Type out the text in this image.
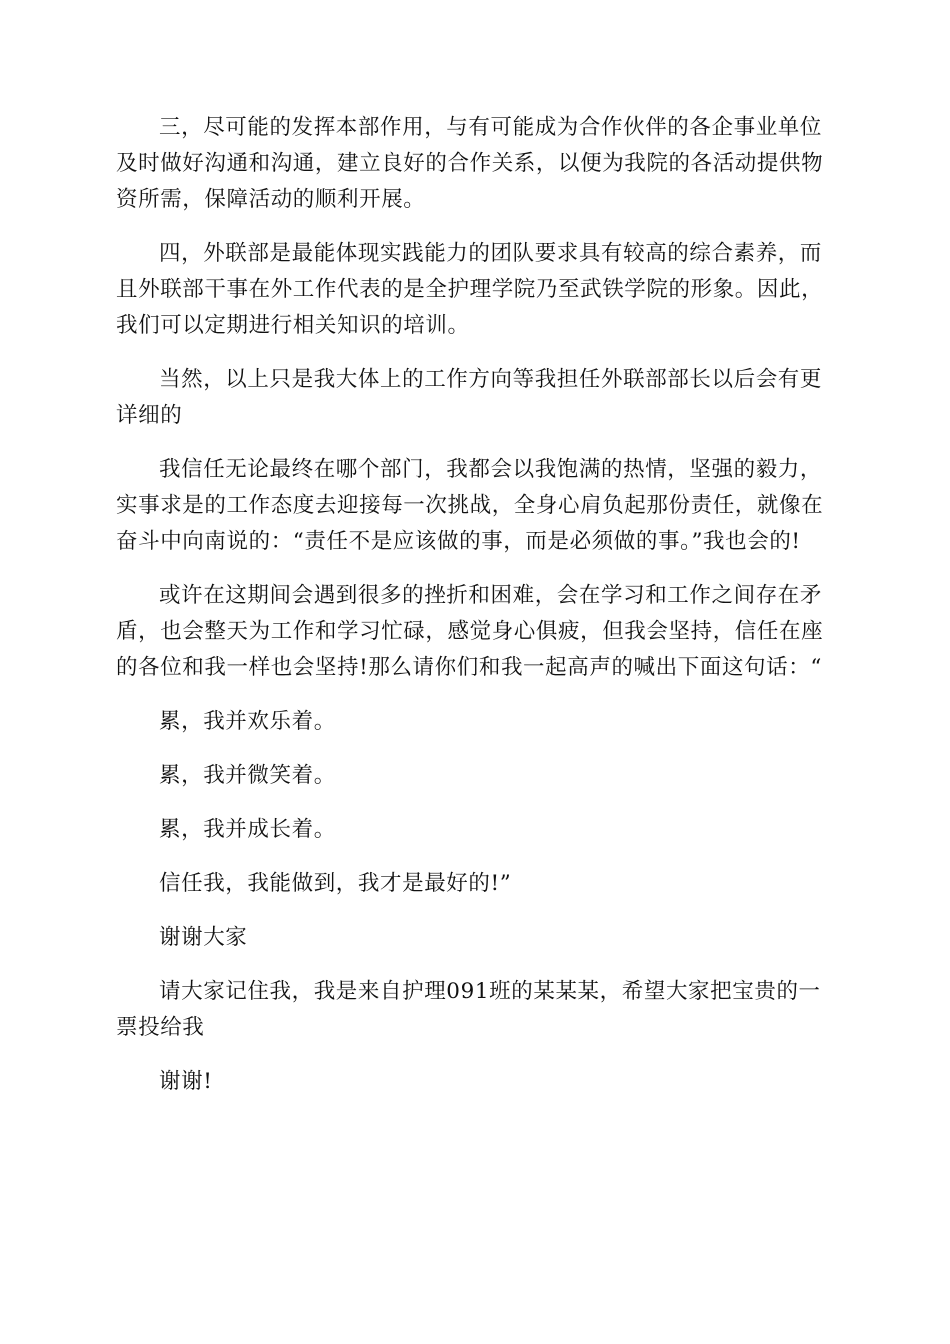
三，尽可能的发挥本部作用，与有可能成为合作伙伴的各企事业单位及时做好沟通和沟通，建立良好的合作关系，以便为我院的各活动提供物资所需，保障活动的顺利开展。

四，外联部是最能体现实践能力的团队要求具有较高的综合素养，而且外联部干事在外工作代表的是全护理学院乃至武铁学院的形象。因此，我们可以定期进行相关知识的培训。

当然，以上只是我大体上的工作方向等我担任外联部部长以后会有更详细的

我信任无论最终在哪个部门，我都会以我饱满的热情，坚强的毅力，实事求是的工作态度去迎接每一次挑战，全身心肩负起那份责任，就像在奋斗中向南说的：“责任不是应该做的事，而是必须做的事。”我也会的!

或许在这期间会遇到很多的挫折和困难，会在学习和工作之间存在矛盾，也会整天为工作和学习忙碌，感觉身心俱疲，但我会坚持，信任在座的各位和我一样也会坚持!那么请你们和我一起高声的喊出下面这句话：“

累，我并欢乐着。

累，我并微笑着。

累，我并成长着。

信任我，我能做到，我才是最好的!”

谢谢大家

请大家记住我，我是来自护理091班的某某某，希望大家把宝贵的一票投给我

谢谢!
